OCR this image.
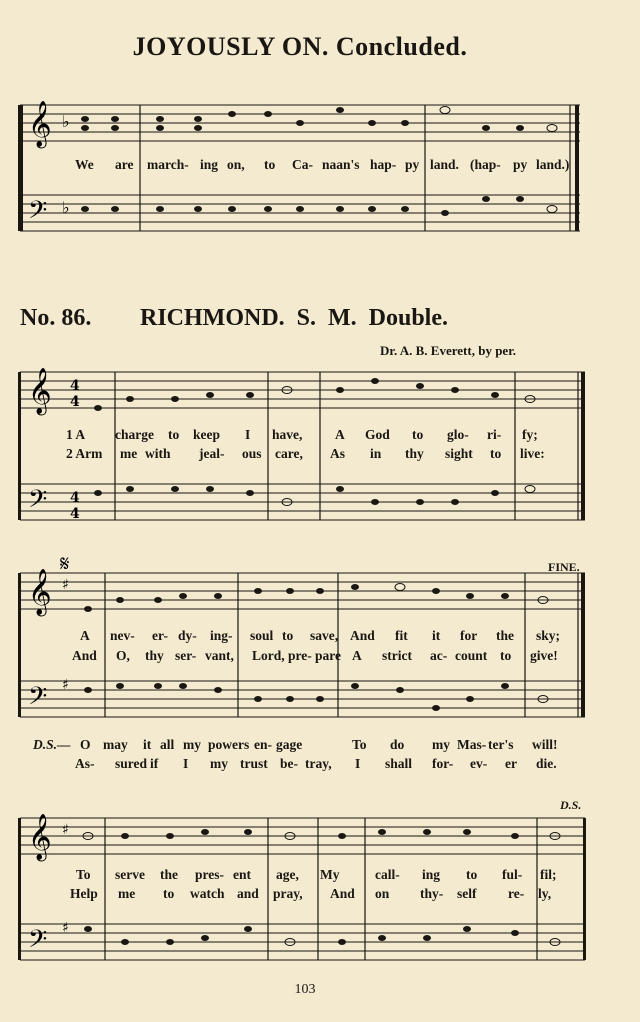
JOYOUSLY ON. Concluded.
𝄞
𝄢
♭
♭
We are march- ing on, to Ca- naan's hap- py land. (hap- py land.)
No. 86. RICHMOND. S. M. Double.
Dr. A. B. Everett, by per.
𝄞
𝄢
4
4
4
4
1 A charge to keep I have, A God to glo- ri- fy;
2 Arm me with jeal- ous care, As in thy sight to live:
FINE.
𝄞
𝄢
𝄋
♯
♯
A nev- er- dy- ing- soul to save, And fit it for the sky;
And O, thy ser- vant, Lord, pre- pare A strict ac- count to give!
D.S.— O may it all my powers en- gage	To do my Mas- ter's will!
As- sured if I my trust be- tray, I shall for- ev- er die.
D.S.
𝄞
𝄢
♯
♯
To serve the pres- ent age, My	call- ing to ful- fil;
Help me to watch and pray, And on thy- self re- ly,
103
